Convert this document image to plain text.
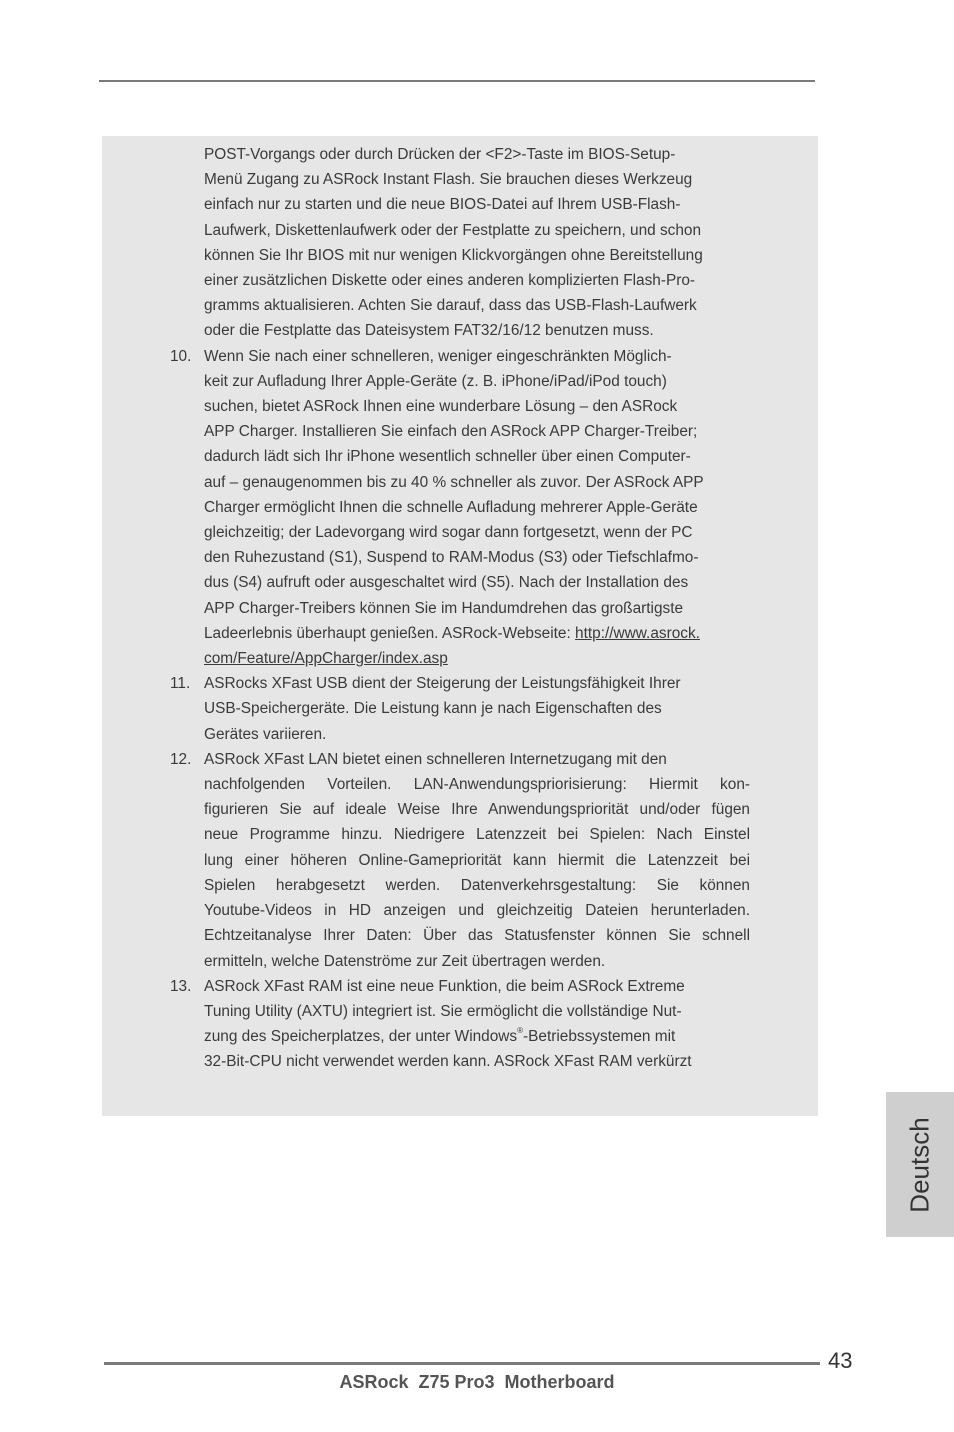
POST-Vorgangs oder durch Drücken der <F2>-Taste im BIOS-Setup-
Menü Zugang zu ASRock Instant Flash. Sie brauchen dieses Werkzeug
einfach nur zu starten und die neue BIOS-Datei auf Ihrem USB-Flash-
Laufwerk, Diskettenlaufwerk oder der Festplatte zu speichern, und schon
können Sie Ihr BIOS mit nur wenigen Klickvorgängen ohne Bereitstellung
einer zusätzlichen Diskette oder eines anderen komplizierten Flash-Pro-
gramms aktualisieren. Achten Sie darauf, dass das USB-Flash-Laufwerk
oder die Festplatte das Dateisystem FAT32/16/12 benutzen muss.
10. Wenn Sie nach einer schnelleren, weniger eingeschränkten Möglich-
keit zur Aufladung Ihrer Apple-Geräte (z. B. iPhone/iPad/iPod touch)
suchen, bietet ASRock Ihnen eine wunderbare Lösung – den ASRock
APP Charger. Installieren Sie einfach den ASRock APP Charger-Treiber;
dadurch lädt sich Ihr iPhone wesentlich schneller über einen Computer-
auf – genaugenommen bis zu 40 % schneller als zuvor. Der ASRock APP
Charger ermöglicht Ihnen die schnelle Aufladung mehrerer Apple-Geräte
gleichzeitig; der Ladevorgang wird sogar dann fortgesetzt, wenn der PC
den Ruhezustand (S1), Suspend to RAM-Modus (S3) oder Tiefschlafmo-
dus (S4) aufruft oder ausgeschaltet wird (S5). Nach der Installation des
APP Charger-Treibers können Sie im Handumdrehen das großartigste
Ladeerlebnis überhaupt genießen. ASRock-Webseite: http://www.asrock.
com/Feature/AppCharger/index.asp
11. ASRocks XFast USB dient der Steigerung der Leistungsfähigkeit Ihrer
USB-Speichergeräte. Die Leistung kann je nach Eigenschaften des
Gerätes variieren.
12. ASRock XFast LAN bietet einen schnelleren Internetzugang mit den
nachfolgenden Vorteilen. LAN-Anwendungspriorisierung: Hiermit kon-
figurieren Sie auf ideale Weise Ihre Anwendungspriorität und/oder fügen
neue Programme hinzu. Niedrigere Latenzzeit bei Spielen: Nach Einstel
lung einer höheren Online-Gamepriorität kann hiermit die Latenzzeit bei
Spielen herabgesetzt werden. Datenverkehrsgestaltung: Sie können
Youtube-Videos in HD anzeigen und gleichzeitig Dateien herunterladen.
Echtzeitanalyse Ihrer Daten: Über das Statusfenster können Sie schnell
ermitteln, welche Datenströme zur Zeit übertragen werden.
13. ASRock XFast RAM ist eine neue Funktion, die beim ASRock Extreme
Tuning Utility (AXTU) integriert ist. Sie ermöglicht die vollständige Nut-
zung des Speicherplatzes, der unter Windows®-Betriebssystemen mit
32-Bit-CPU nicht verwendet werden kann. ASRock XFast RAM verkürzt
Deutsch
43
ASRock  Z75 Pro3  Motherboard
